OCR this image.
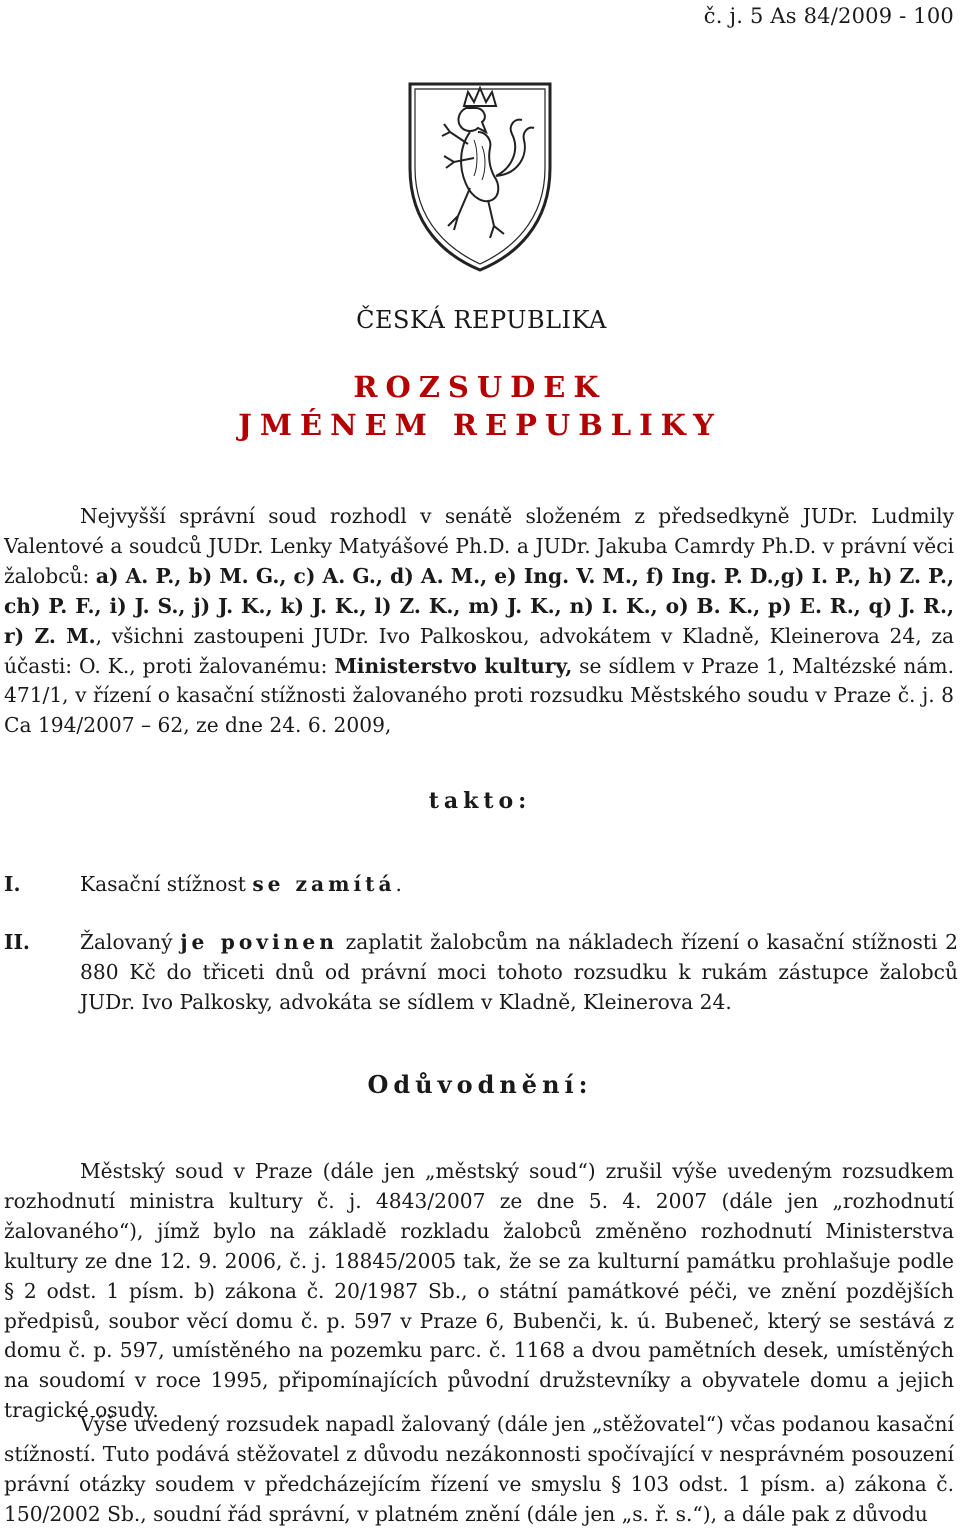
č. j. 5 As 84/2009 - 100
ČESKÁ REPUBLIKA
ROZSUDEK
JMÉNEM REPUBLIKY
Nejvyšší správní soud rozhodl v senátě složeném z předsedkyně JUDr. Ludmily Valentové a soudců JUDr. Lenky Matyášové Ph.D. a JUDr. Jakuba Camrdy Ph.D. v právní věci žalobců: a) A. P., b) M. G., c) A. G., d) A. M., e) Ing. V. M., f) Ing. P. D.,g) I. P., h) Z. P., ch) P. F., i) J. S., j) J. K., k) J. K., l) Z. K., m) J. K., n) I. K., o) B. K., p) E. R., q) J. R., r) Z. M., všichni zastoupeni JUDr. Ivo Palkoskou, advokátem v Kladně, Kleinerova 24, za účasti: O. K., proti žalovanému: Ministerstvo kultury, se sídlem v Praze 1, Maltézské nám. 471/1, v řízení o kasační stížnosti žalovaného proti rozsudku Městského soudu v Praze č. j. 8 Ca 194/2007 – 62, ze dne 24. 6. 2009,
takto:
I.	Kasační stížnost se zamítá.
II. Žalovaný je povinen zaplatit žalobcům na nákladech řízení o kasační stížnosti 2 880 Kč do třiceti dnů od právní moci tohoto rozsudku k rukám zástupce žalobců JUDr. Ivo Palkosky, advokáta se sídlem v Kladně, Kleinerova 24.
Odůvodnění:
Městský soud v Praze (dále jen „městský soud“) zrušil výše uvedeným rozsudkem rozhodnutí ministra kultury č. j. 4843/2007 ze dne 5. 4. 2007 (dále jen „rozhodnutí žalovaného“), jímž bylo na základě rozkladu žalobců změněno rozhodnutí Ministerstva kultury ze dne 12. 9. 2006, č. j. 18845/2005 tak, že se za kulturní památku prohlašuje podle § 2 odst. 1 písm. b) zákona č. 20/1987 Sb., o státní památkové péči, ve znění pozdějších předpisů, soubor věcí domu č. p. 597 v Praze 6, Bubenči, k. ú. Bubeneč, který se sestává z domu č. p. 597, umístěného na pozemku parc. č. 1168 a dvou pamětních desek, umístěných na soudomí v roce 1995, připomínajících původní družstevníky a obyvatele domu a jejich tragické osudy.
Výše uvedený rozsudek napadl žalovaný (dále jen „stěžovatel“) včas podanou kasační stížností. Tuto podává stěžovatel z důvodu nezákonnosti spočívající v nesprávném posouzení právní otázky soudem v předcházejícím řízení ve smyslu § 103 odst. 1 písm. a) zákona č. 150/2002 Sb., soudní řád správní, v platném znění (dále jen „s. ř. s.“), a dále pak z důvodu
